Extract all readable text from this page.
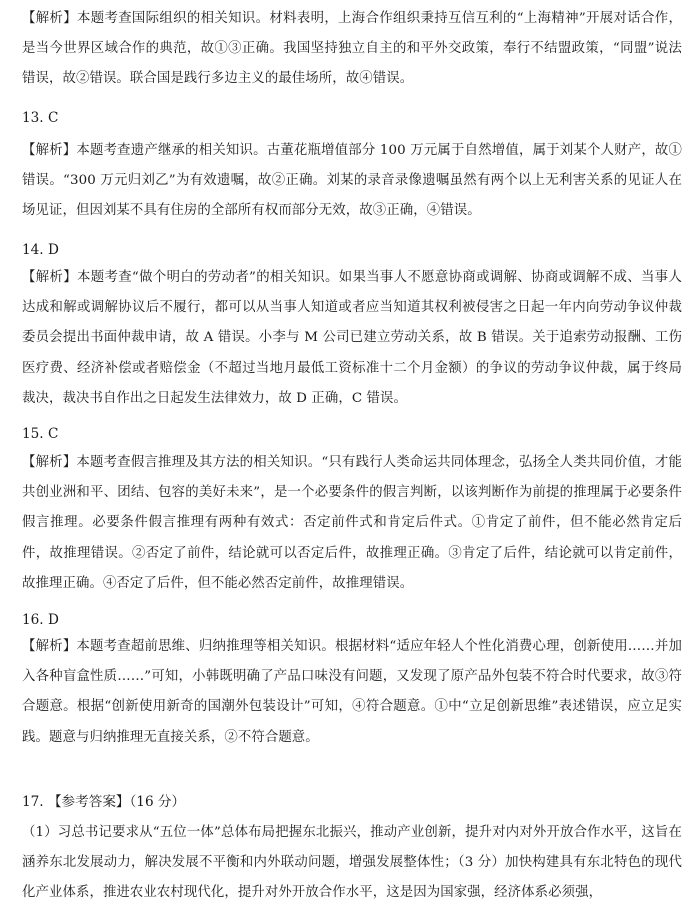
【解析】本题考查国际组织的相关知识。材料表明，上海合作组织秉持互信互利的“上海精神”开展对话合作，是当今世界区域合作的典范，故①③正确。我国坚持独立自主的和平外交政策，奉行不结盟政策，“同盟”说法错误，故②错误。联合国是践行多边主义的最佳场所，故④错误。
13. C
【解析】本题考查遗产继承的相关知识。古董花瓶增值部分 100 万元属于自然增值，属于刘某个人财产，故①错误。“300 万元归刘乙”为有效遗嘱，故②正确。刘某的录音录像遗嘱虽然有两个以上无利害关系的见证人在场见证，但因刘某不具有住房的全部所有权而部分无效，故③正确，④错误。
14. D
【解析】本题考查“做个明白的劳动者”的相关知识。如果当事人不愿意协商或调解、协商或调解不成、当事人达成和解或调解协议后不履行，都可以从当事人知道或者应当知道其权利被侵害之日起一年内向劳动争议仲裁委员会提出书面仲裁申请，故 A 错误。小李与 M 公司已建立劳动关系，故 B 错误。关于追索劳动报酬、工伤医疗费、经济补偿或者赔偿金（不超过当地月最低工资标准十二个月金额）的争议的劳动争议仲裁，属于终局裁决，裁决书自作出之日起发生法律效力，故 D 正确，C 错误。
15. C
【解析】本题考查假言推理及其方法的相关知识。“只有践行人类命运共同体理念，弘扬全人类共同价值，才能共创业洲和平、团结、包容的美好未来”，是一个必要条件的假言判断，以该判断作为前提的推理属于必要条件假言推理。必要条件假言推理有两种有效式：否定前件式和肯定后件式。①肯定了前件，但不能必然肯定后件，故推理错误。②否定了前件，结论就可以否定后件，故推理正确。③肯定了后件，结论就可以肯定前件，故推理正确。④否定了后件，但不能必然否定前件，故推理错误。
16. D
【解析】本题考查超前思维、归纳推理等相关知识。根据材料“适应年轻人个性化消费心理，创新使用……并加入各种盲盒性质……”可知，小韩既明确了产品口味没有问题，又发现了原产品外包装不符合时代要求，故③符合题意。根据“创新使用新奇的国潮外包装设计”可知，④符合题意。①中“立足创新思维”表述错误，应立足实践。题意与归纳推理无直接关系，②不符合题意。
17. 【参考答案】（16 分）
（1）习总书记要求从“五位一体”总体布局把握东北振兴，推动产业创新，提升对内对外开放合作水平，这旨在涵养东北发展动力，解决发展不平衡和内外联动问题，增强发展整体性；（3 分）加快构建具有东北特色的现代化产业体系，推进农业农村现代化，提升对外开放合作水平，这是因为国家强，经济体系必须强，
